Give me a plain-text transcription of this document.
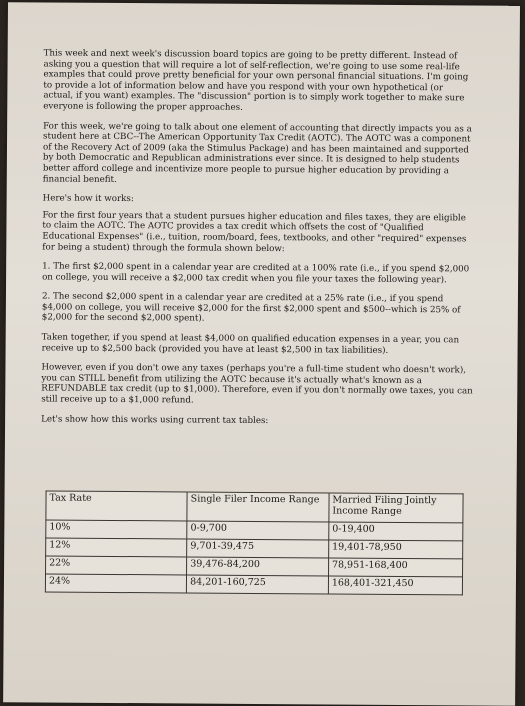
This week and next week's discussion board topics are going to be pretty different. Instead of asking you a question that will require a lot of self-reflection, we're going to use some real-life examples that could prove pretty beneficial for your own personal financial situations. I'm going to provide a lot of information below and have you respond with your own hypothetical (or actual, if you want) examples. The "discussion" portion is to simply work together to make sure everyone is following the proper approaches.

For this week, we're going to talk about one element of accounting that directly impacts you as a student here at CBC--The American Opportunity Tax Credit (AOTC). The AOTC was a component of the Recovery Act of 2009 (aka the Stimulus Package) and has been maintained and supported by both Democratic and Republican administrations ever since. It is designed to help students better afford college and incentivize more people to pursue higher education by providing a financial benefit.

Here's how it works:

For the first four years that a student pursues higher education and files taxes, they are eligible to claim the AOTC. The AOTC provides a tax credit which offsets the cost of "Qualified Educational Expenses" (i.e., tuition, room/board, fees, textbooks, and other "required" expenses for being a student) through the formula shown below:

1. The first $2,000 spent in a calendar year are credited at a 100% rate (i.e., if you spend $2,000 on college, you will receive a $2,000 tax credit when you file your taxes the following year).

2. The second $2,000 spent in a calendar year are credited at a 25% rate (i.e., if you spend $4,000 on college, you will receive $2,000 for the first $2,000 spent and $500--which is 25% of $2,000 for the second $2,000 spent).

Taken together, if you spend at least $4,000 on qualified education expenses in a year, you can receive up to $2,500 back (provided you have at least $2,500 in tax liabilities).

However, even if you don't owe any taxes (perhaps you're a full-time student who doesn't work), you can STILL benefit from utilizing the AOTC because it's actually what's known as a REFUNDABLE tax credit (up to $1,000). Therefore, even if you don't normally owe taxes, you can still receive up to a $1,000 refund.

Let's show how this works using current tax tables:

Tax Rate	Single Filer Income Range	Married Filing Jointly Income Range
10%	0-9,700	0-19,400
12%	9,701-39,475	19,401-78,950
22%	39,476-84,200	78,951-168,400
24%	84,201-160,725	168,401-321,450
